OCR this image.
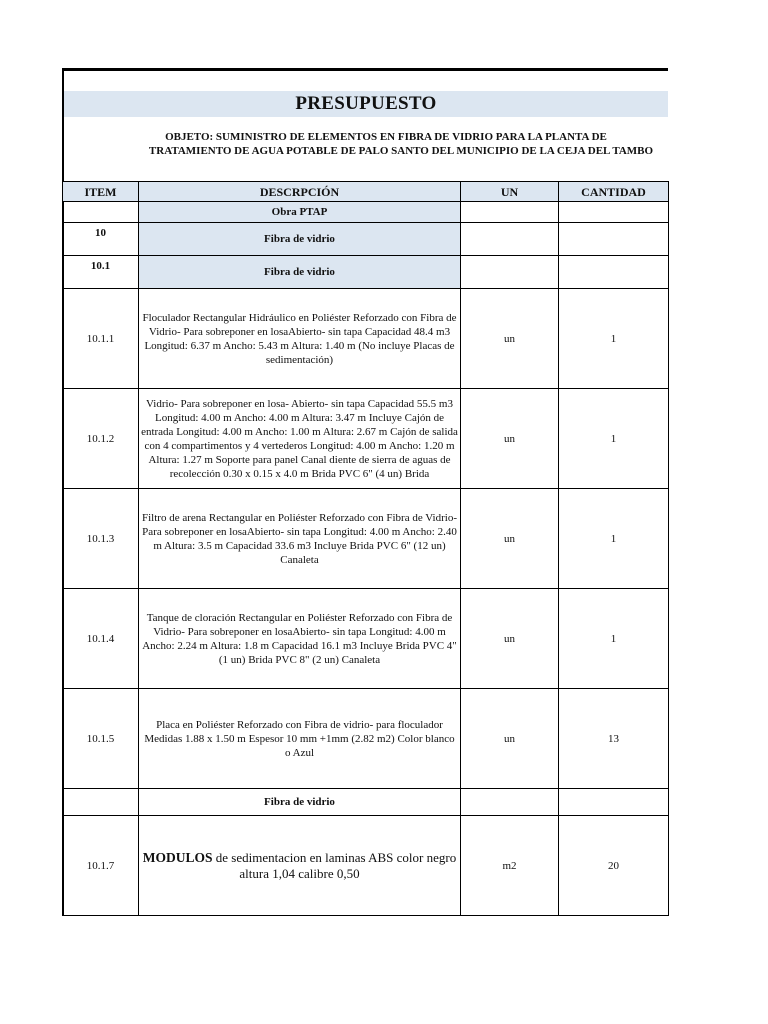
PRESUPUESTO
OBJETO: SUMINISTRO DE ELEMENTOS EN FIBRA DE VIDRIO PARA LA PLANTA DE
TRATAMIENTO DE AGUA POTABLE DE PALO SANTO DEL MUNICIPIO DE LA CEJA DEL TAMBO
ITEM	DESCRPCIÓN	UN	CANTIDAD
	Obra PTAP		
10	Fibra de vidrio		
10.1	Fibra de vidrio		
10.1.1	Floculador Rectangular Hidráulico en Poliéster Reforzado con Fibra de Vidrio- Para sobreponer en losaAbierto- sin tapa Capacidad 48.4 m3 Longitud: 6.37 m Ancho: 5.43 m Altura: 1.40 m (No incluye Placas de sedimentación)	un	1
10.1.2	Vidrio- Para sobreponer en losa- Abierto- sin tapa Capacidad 55.5 m3 Longitud: 4.00 m Ancho: 4.00 m Altura: 3.47 m Incluye Cajón de entrada Longitud: 4.00 m Ancho: 1.00 m Altura: 2.67 m Cajón de salida con 4 compartimentos y 4 vertederos Longitud: 4.00 m Ancho: 1.20 m Altura: 1.27 m Soporte para panel Canal diente de sierra de aguas de recolección 0.30 x 0.15 x 4.0 m Brida PVC 6" (4 un) Brida	un	1
10.1.3	Filtro de arena Rectangular en Poliéster Reforzado con Fibra de Vidrio- Para sobreponer en losaAbierto- sin tapa Longitud: 4.00 m Ancho: 2.40 m Altura: 3.5 m Capacidad 33.6 m3 Incluye Brida PVC 6" (12 un) Canaleta	un	1
10.1.4	Tanque de cloración Rectangular en Poliéster Reforzado con Fibra de Vidrio- Para sobreponer en losaAbierto- sin tapa Longitud: 4.00 m Ancho: 2.24 m Altura: 1.8 m Capacidad 16.1 m3 Incluye Brida PVC 4" (1 un) Brida PVC 8" (2 un) Canaleta	un	1
10.1.5	Placa en Poliéster Reforzado con Fibra de vidrio- para floculador Medidas 1.88 x 1.50 m Espesor 10 mm +1mm (2.82 m2) Color blanco o Azul	un	13
	Fibra de vidrio		
10.1.7	MODULOS de sedimentacion en laminas ABS color negro altura 1,04 calibre 0,50	m2	20
